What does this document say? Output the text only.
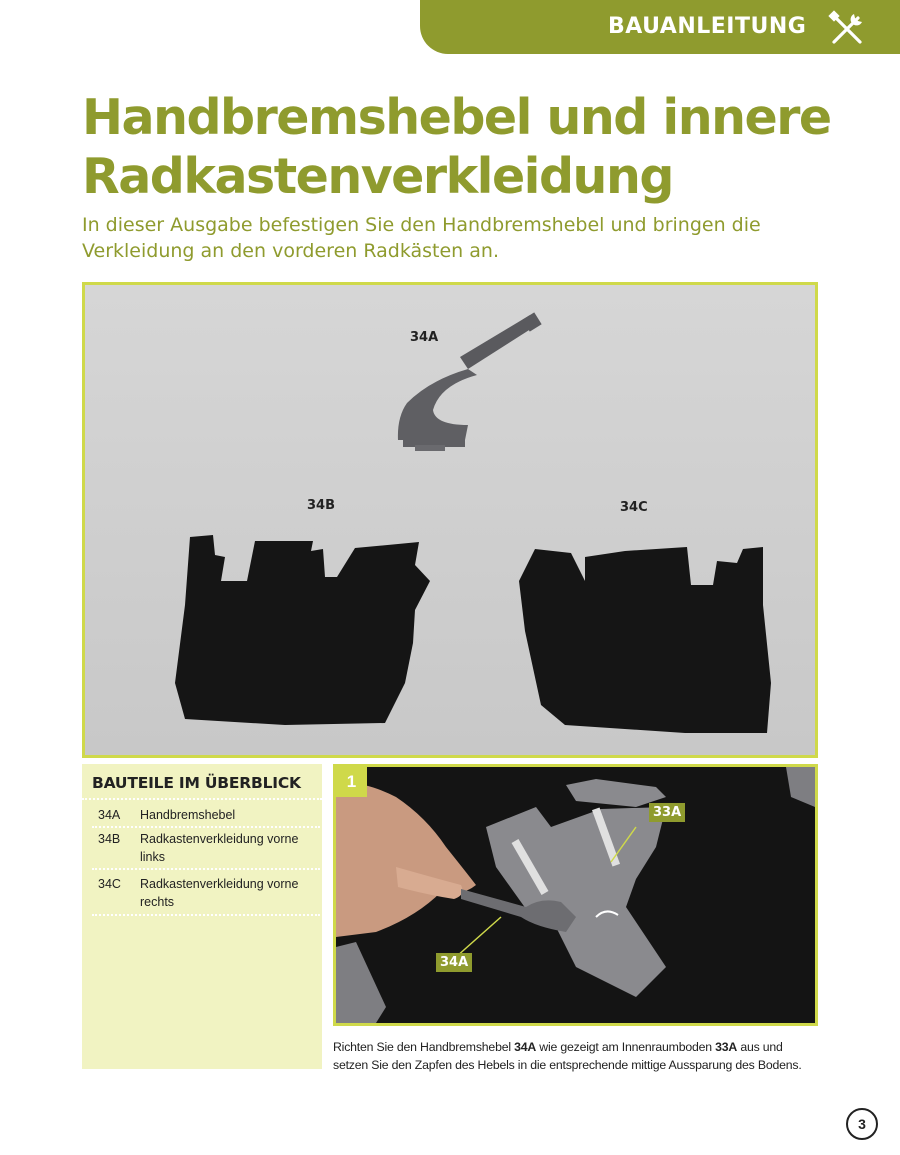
BAUANLEITUNG
Handbremshebel und innere Radkastenverkleidung

In dieser Ausgabe befestigen Sie den Handbremshebel und bringen die Verkleidung an den vorderen Radkästen an.

34A
34B	34C
BAUTEILE IM ÜBERBLICK
34A Handbremshebel
34B Radkastenverkleidung vorne links
34C Radkastenverkleidung vorne rechts
1
33A
34A

Richten Sie den Handbremshebel 34A wie gezeigt am Innenraumboden 33A aus und setzen Sie den Zapfen des Hebels in die entsprechende mittige Aussparung des Bodens.

3
